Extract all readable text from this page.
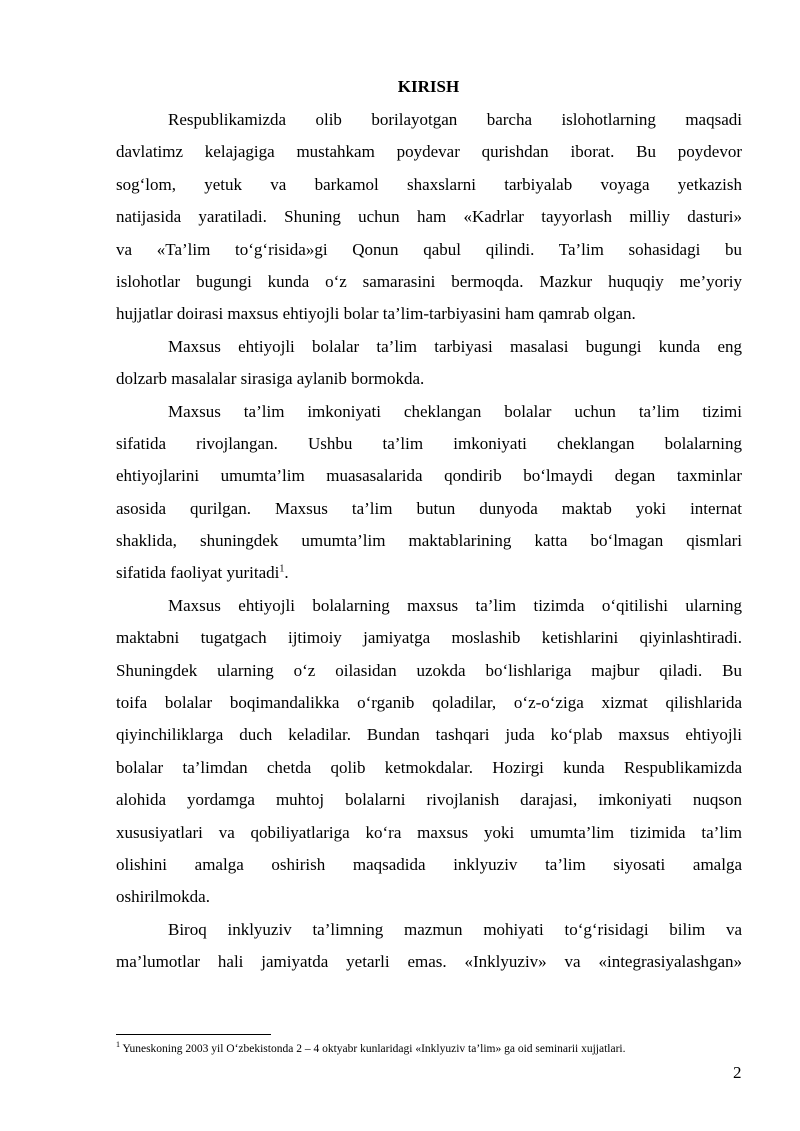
KIRISH
Respublikamizda olib borilayotgan barcha islohotlarning maqsadi
davlatimz kelajagiga mustahkam poydevar qurishdan iborat. Bu poydevor
sog‘lom, yetuk va barkamol shaxslarni tarbiyalab voyaga yetkazish
natijasida yaratiladi. Shuning uchun ham «Kadrlar tayyorlash milliy dasturi»
va «Ta’lim to‘g‘risida»gi Qonun qabul qilindi. Ta’lim sohasidagi bu
islohotlar bugungi kunda o‘z samarasini bermoqda. Mazkur huquqiy me’yoriy
hujjatlar doirasi maxsus ehtiyojli bolar ta’lim-tarbiyasini ham qamrab olgan.
Maxsus ehtiyojli bolalar ta’lim tarbiyasi masalasi bugungi kunda eng
dolzarb masalalar sirasiga aylanib bormokda.
Maxsus ta’lim imkoniyati cheklangan bolalar uchun ta’lim tizimi
sifatida rivojlangan. Ushbu ta’lim imkoniyati cheklangan bolalarning
ehtiyojlarini umumta’lim muasasalarida qondirib bo‘lmaydi degan taxminlar
asosida qurilgan. Maxsus ta’lim butun dunyoda maktab yoki internat
shaklida, shuningdek umumta’lim maktablarining katta bo‘lmagan qismlari
sifatida faoliyat yuritadi$^1$.
Maxsus ehtiyojli bolalarning maxsus ta’lim tizimda o‘qitilishi ularning
maktabni tugatgach ijtimoiy jamiyatga moslashib ketishlarini qiyinlashtiradi.
Shuningdek ularning o‘z oilasidan uzokda bo‘lishlariga majbur qiladi. Bu
toifa bolalar boqimandalikka o‘rganib qoladilar, o‘z-o‘ziga xizmat qilishlarida
qiyinchiliklarga duch keladilar. Bundan tashqari juda ko‘plab maxsus ehtiyojli
bolalar ta’limdan chetda qolib ketmokdalar. Hozirgi kunda Respublikamizda
alohida yordamga muhtoj bolalarni rivojlanish darajasi, imkoniyati nuqson
xususiyatlari va qobiliyatlariga ko‘ra maxsus yoki umumta’lim tizimida ta’lim
olishini amalga oshirish maqsadida inklyuziv ta’lim siyosati amalga
oshirilmokda.
Biroq inklyuziv ta’limning mazmun mohiyati to‘g‘risidagi bilim va
ma’lumotlar hali jamiyatda yetarli emas. «Inklyuziv» va «integrasiyalashgan»
$^1$ Yuneskoning 2003 yil O‘zbekistonda 2 – 4 oktyabr kunlaridagi «Inklyuziv ta’lim» ga oid seminarii xujjatlari.
2
